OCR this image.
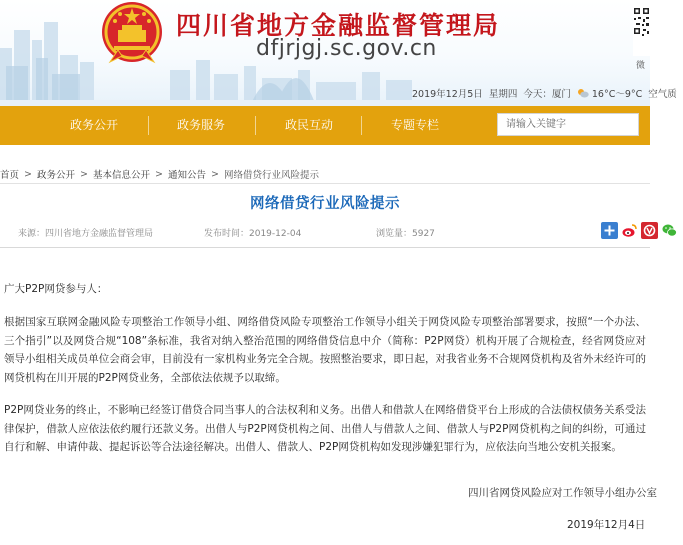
四川省地方金融监督管理局
dfjrjgj.sc.gov.cn
微
2019年12月5日 星期四 今天： 厦门 16°C～9°C 空气质
政务公开	政务服务	政民互动	专题专栏	请输入关键字
首页 > 政务公开 > 基本信息公开 > 通知公告 > 网络借贷行业风险提示
网络借贷行业风险提示
来源：四川省地方金融监督管理局	发布时间：2019-12-04	浏览量：5927

广大P2P网贷参与人：

根据国家互联网金融风险专项整治工作领导小组、网络借贷风险专项整治工作领导小组关于网贷风险专项整治部署要求，按照“一个办法、三个指引”以及网贷合规“108”条标准，我省对纳入整治范围的网络借贷信息中介（简称：P2P网贷）机构开展了合规检查，经省网贷应对领导小组相关成员单位会商会审，目前没有一家机构业务完全合规。按照整治要求，即日起，对我省业务不合规网贷机构及省外未经许可的网贷机构在川开展的P2P网贷业务，全部依法依规予以取缔。

P2P网贷业务的终止，不影响已经签订借贷合同当事人的合法权利和义务。出借人和借款人在网络借贷平台上形成的合法债权债务关系受法律保护，借款人应依法依约履行还款义务。出借人与P2P网贷机构之间、出借人与借款人之间、借款人与P2P网贷机构之间的纠纷，可通过自行和解、申请仲裁、提起诉讼等合法途径解决。出借人、借款人、P2P网贷机构如发现涉嫌犯罪行为，应依法向当地公安机关报案。

四川省网贷风险应对工作领导小组办公室
2019年12月4日
